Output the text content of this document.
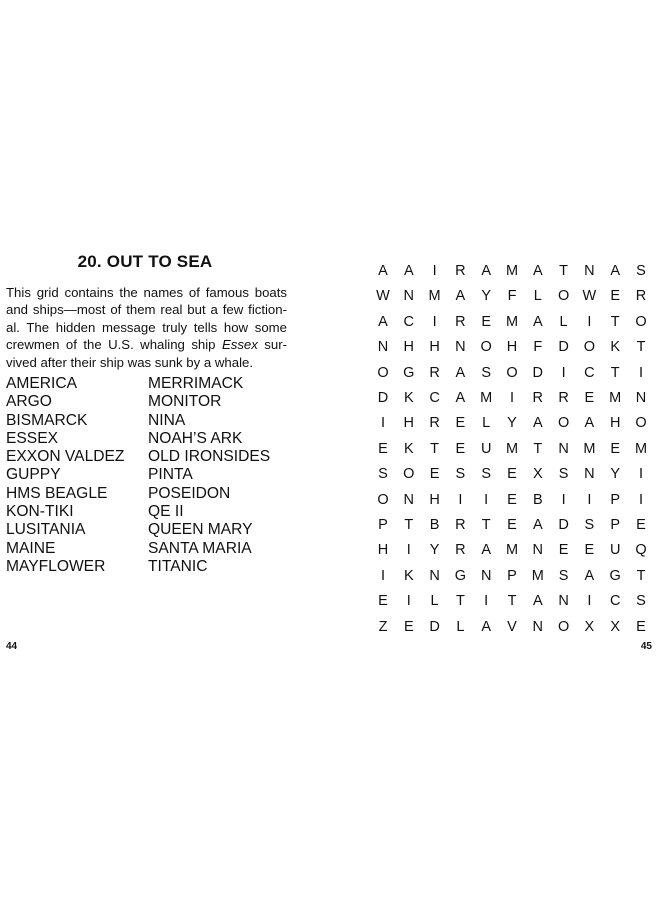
20. OUT TO SEA
This grid contains the names of famous boats
and ships—most of them real but a few fiction-
al. The hidden message truly tells how some
crewmen of the U.S. whaling ship Essex sur-
vived after their ship was sunk by a whale.
AMERICA
ARGO
BISMARCK
ESSEX
EXXON VALDEZ
GUPPY
HMS BEAGLE
KON-TIKI
LUSITANIA
MAINE
MAYFLOWER
MERRIMACK
MONITOR
NINA
NOAH’S ARK
OLD IRONSIDES
PINTA
POSEIDON
QE II
QUEEN MARY
SANTA MARIA
TITANIC
44
A	A	I	R	A	M	A	T	N	A	S
W N	M	A	Y	F	L	O W E	R
A	C	I	R	E	M	A	L	I	T	O
N	H	H	N	O	H	F	D	O	K	T
O	G	R	A	S	O	D	I	C	T	I
D	K	C	A	M	I	R	R	E	M	N
I	H	R	E	L	Y	A	O	A	H	O
E	K	T	E	U	M	T	N	M	E	M
S	O	E	S	S	E	X	S	N	Y	I
O	N	H	I	I	E	B	I	I	P	I
P	T	B	R	T	E	A	D	S	P	E
H	I	Y	R	A	M	N	E	E	U	Q
I	K	N	G	N	P	M	S	A	G	T
E	I	L	T	I	T	A	N	I	C	S
Z	E	D	L	A	V	N	O	X	X	E
45
